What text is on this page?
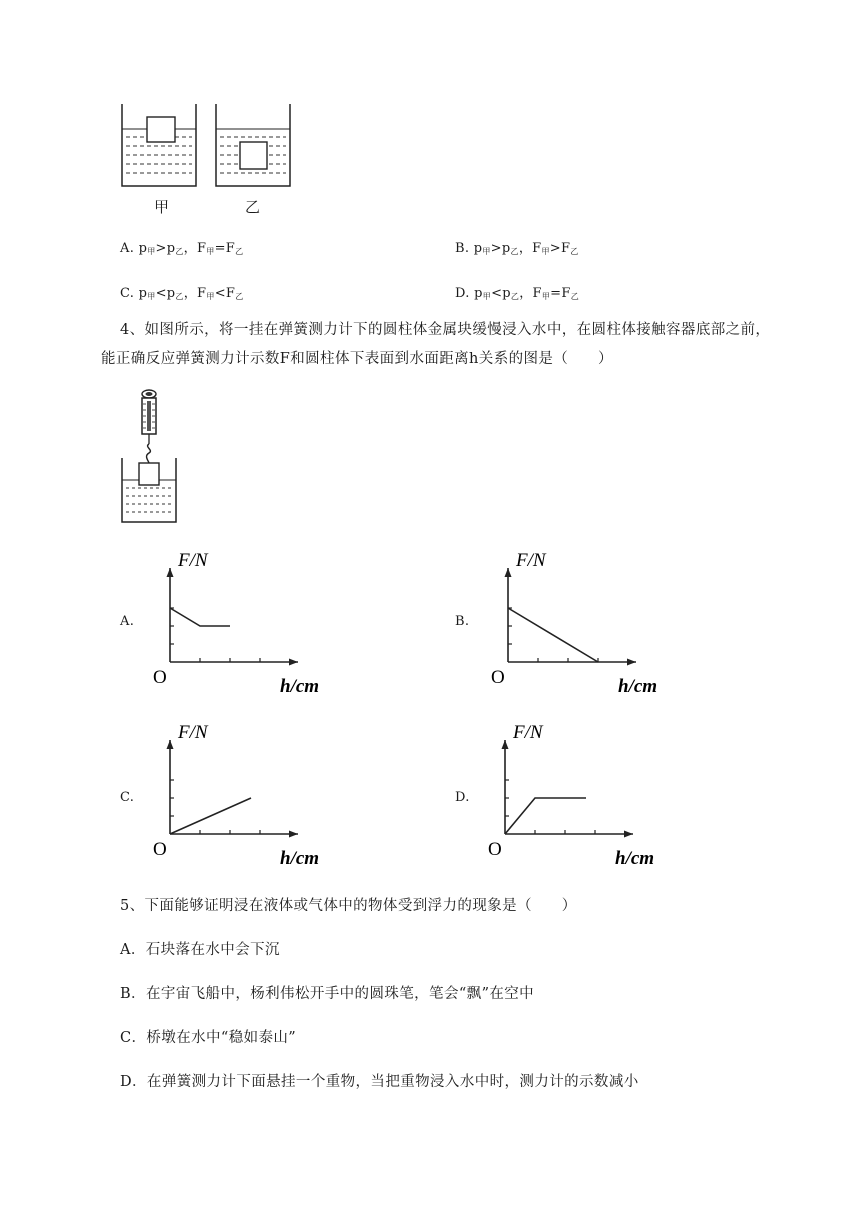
甲	乙
A. $p_甲>p_乙$，$F_甲=F_乙$	B. $p_甲>p_乙$，$F_甲>F_乙$
C. $p_甲<p_乙$，$F_甲<F_乙$	D. $p_甲<p_乙$，$F_甲=F_乙$
4、如图所示，将一挂在弹簧测力计下的圆柱体金属块缓慢浸入水中，在圆柱体接触容器底部之前，
能正确反应弹簧测力计示数F和圆柱体下表面到水面距离h关系的图是（　　）
A.	B.
C.	D.
F/N
h/cm
O
F/N
h/cm
O
F/N
h/cm
O
F/N
h/cm
O
5、下面能够证明浸在液体或气体中的物体受到浮力的现象是（　　）
A．石块落在水中会下沉
B．在宇宙飞船中，杨利伟松开手中的圆珠笔，笔会“飘”在空中
C．桥墩在水中“稳如泰山”
D．在弹簧测力计下面悬挂一个重物，当把重物浸入水中时，测力计的示数减小
